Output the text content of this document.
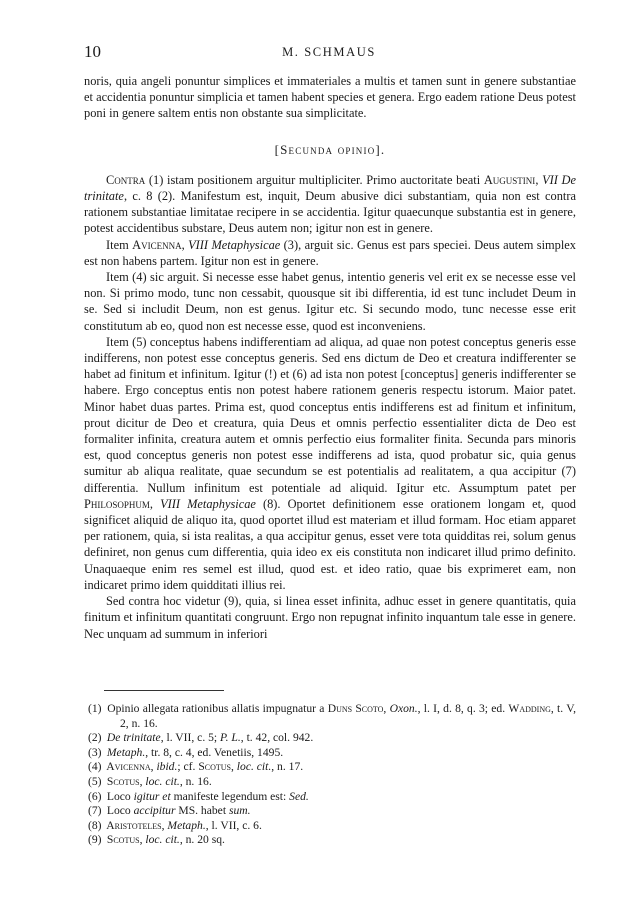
10	M. SCHMAUS

noris, quia angeli ponuntur simplices et immateriales a multis et tamen sunt in genere substantiae et accidentia ponuntur simplicia et tamen habent species et genera. Ergo eadem ratione Deus potest poni in genere saltem entis non obstante sua simplicitate.

[Secunda opinio].

Contra (1) istam positionem arguitur multipliciter. Primo auctoritate beati Augustini, VII De trinitate, c. 8 (2). Manifestum est, inquit, Deum abusive dici substantiam, quia non est contra rationem substantiae limitatae recipere in se accidentia. Igitur quaecunque substantia est in genere, potest accidentibus substare, Deus autem non; igitur non est in genere.

Item Avicenna, VIII Metaphysicae (3), arguit sic. Genus est pars speciei. Deus autem simplex est non habens partem. Igitur non est in genere.

Item (4) sic arguit. Si necesse esse habet genus, intentio generis vel erit ex se necesse esse vel non. Si primo modo, tunc non cessabit, quousque sit ibi differentia, id est tunc includet Deum in se. Sed si includit Deum, non est genus. Igitur etc. Si secundo modo, tunc necesse esse erit constitutum ab eo, quod non est necesse esse, quod est inconveniens.

Item (5) conceptus habens indifferentiam ad aliqua, ad quae non potest conceptus generis esse indifferens, non potest esse conceptus generis. Sed ens dictum de Deo et creatura indifferenter se habet ad finitum et infinitum. Igitur (!) et (6) ad ista non potest [conceptus] generis indifferenter se habere. Ergo conceptus entis non potest habere rationem generis respectu istorum. Maior patet. Minor habet duas partes. Prima est, quod conceptus entis indifferens est ad finitum et infinitum, prout dicitur de Deo et creatura, quia Deus et omnis perfectio essentialiter dicta de Deo est formaliter infinita, creatura autem et omnis perfectio eius formaliter finita. Secunda pars minoris est, quod conceptus generis non potest esse indifferens ad ista, quod probatur sic, quia genus sumitur ab aliqua realitate, quae secundum se est potentialis ad realitatem, a qua accipitur (7) differentia. Nullum infinitum est potentiale ad aliquid. Igitur etc. Assumptum patet per Philosophum, VIII Metaphysicae (8). Oportet definitionem esse orationem longam et, quod significet aliquid de aliquo ita, quod oportet illud est materiam et illud formam. Hoc etiam apparet per rationem, quia, si ista realitas, a qua accipitur genus, esset vere tota quidditas rei, solum genus definiret, non genus cum differentia, quia ideo ex eis constituta non indicaret illud primo definito. Unaquaeque enim res semel est illud, quod est. et ideo ratio, quae bis exprimeret eam, non indicaret primo idem quidditati illius rei.

Sed contra hoc videtur (9), quia, si linea esset infinita, adhuc esset in genere quantitatis, quia finitum et infinitum quantitati congruunt. Ergo non repugnat infinito inquantum tale esse in genere. Nec unquam ad summum in inferiori

(1) Opinio allegata rationibus allatis impugnatur a Duns Scoto, Oxon., l. I, d. 8, q. 3; ed. Wadding, t. V, 2, n. 16.

(2) De trinitate, l. VII, c. 5; P. L., t. 42, col. 942.

(3) Metaph., tr. 8, c. 4, ed. Venetiis, 1495.

(4) Avicenna, ibid.; cf. Scotus, loc. cit., n. 17.

(5) Scotus, loc. cit., n. 16.

(6) Loco igitur et manifeste legendum est: Sed.

(7) Loco accipitur MS. habet sum.

(8) Aristoteles, Metaph., l. VII, c. 6.

(9) Scotus, loc. cit., n. 20 sq.
